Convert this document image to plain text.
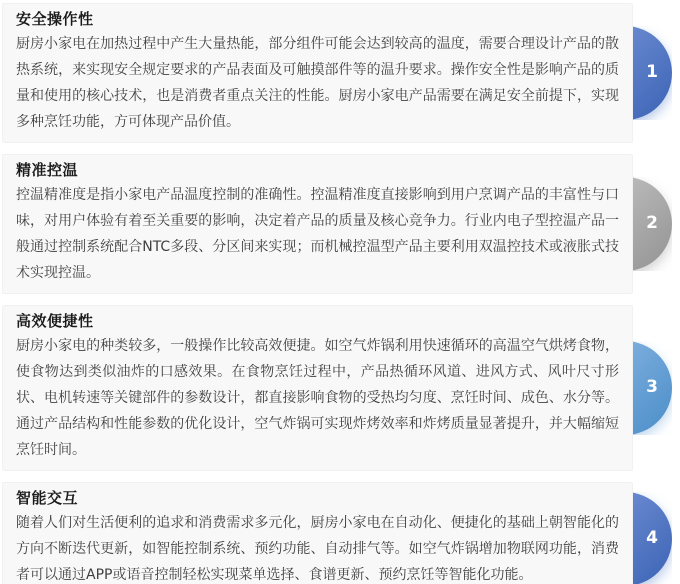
1
安全操作性

厨房小家电在加热过程中产生大量热能，部分组件可能会达到较高的温度，需要合理设计产品的散热系统，来实现安全规定要求的产品表面及可触摸部件等的温升要求。操作安全性是影响产品的质量和使用的核心技术，也是消费者重点关注的性能。厨房小家电产品需要在满足安全前提下，实现多种烹饪功能，方可体现产品价值。

2
精准控温

控温精准度是指小家电产品温度控制的准确性。控温精准度直接影响到用户烹调产品的丰富性与口味，对用户体验有着至关重要的影响，决定着产品的质量及核心竞争力。行业内电子型控温产品一般通过控制系统配合NTC多段、分区间来实现；而机械控温型产品主要利用双温控技术或液胀式技术实现控温。

3
高效便捷性

厨房小家电的种类较多，一般操作比较高效便捷。如空气炸锅利用快速循环的高温空气烘烤食物，使食物达到类似油炸的口感效果。在食物烹饪过程中，产品热循环风道、进风方式、风叶尺寸形状、电机转速等关键部件的参数设计，都直接影响食物的受热均匀度、烹饪时间、成色、水分等。通过产品结构和性能参数的优化设计，空气炸锅可实现炸烤效率和炸烤质量显著提升，并大幅缩短烹饪时间。

4
智能交互

随着人们对生活便利的追求和消费需求多元化，厨房小家电在自动化、便捷化的基础上朝智能化的方向不断迭代更新，如智能控制系统、预约功能、自动排气等。如空气炸锅增加物联网功能，消费者可以通过APP或语音控制轻松实现菜单选择、食谱更新、预约烹饪等智能化功能。
